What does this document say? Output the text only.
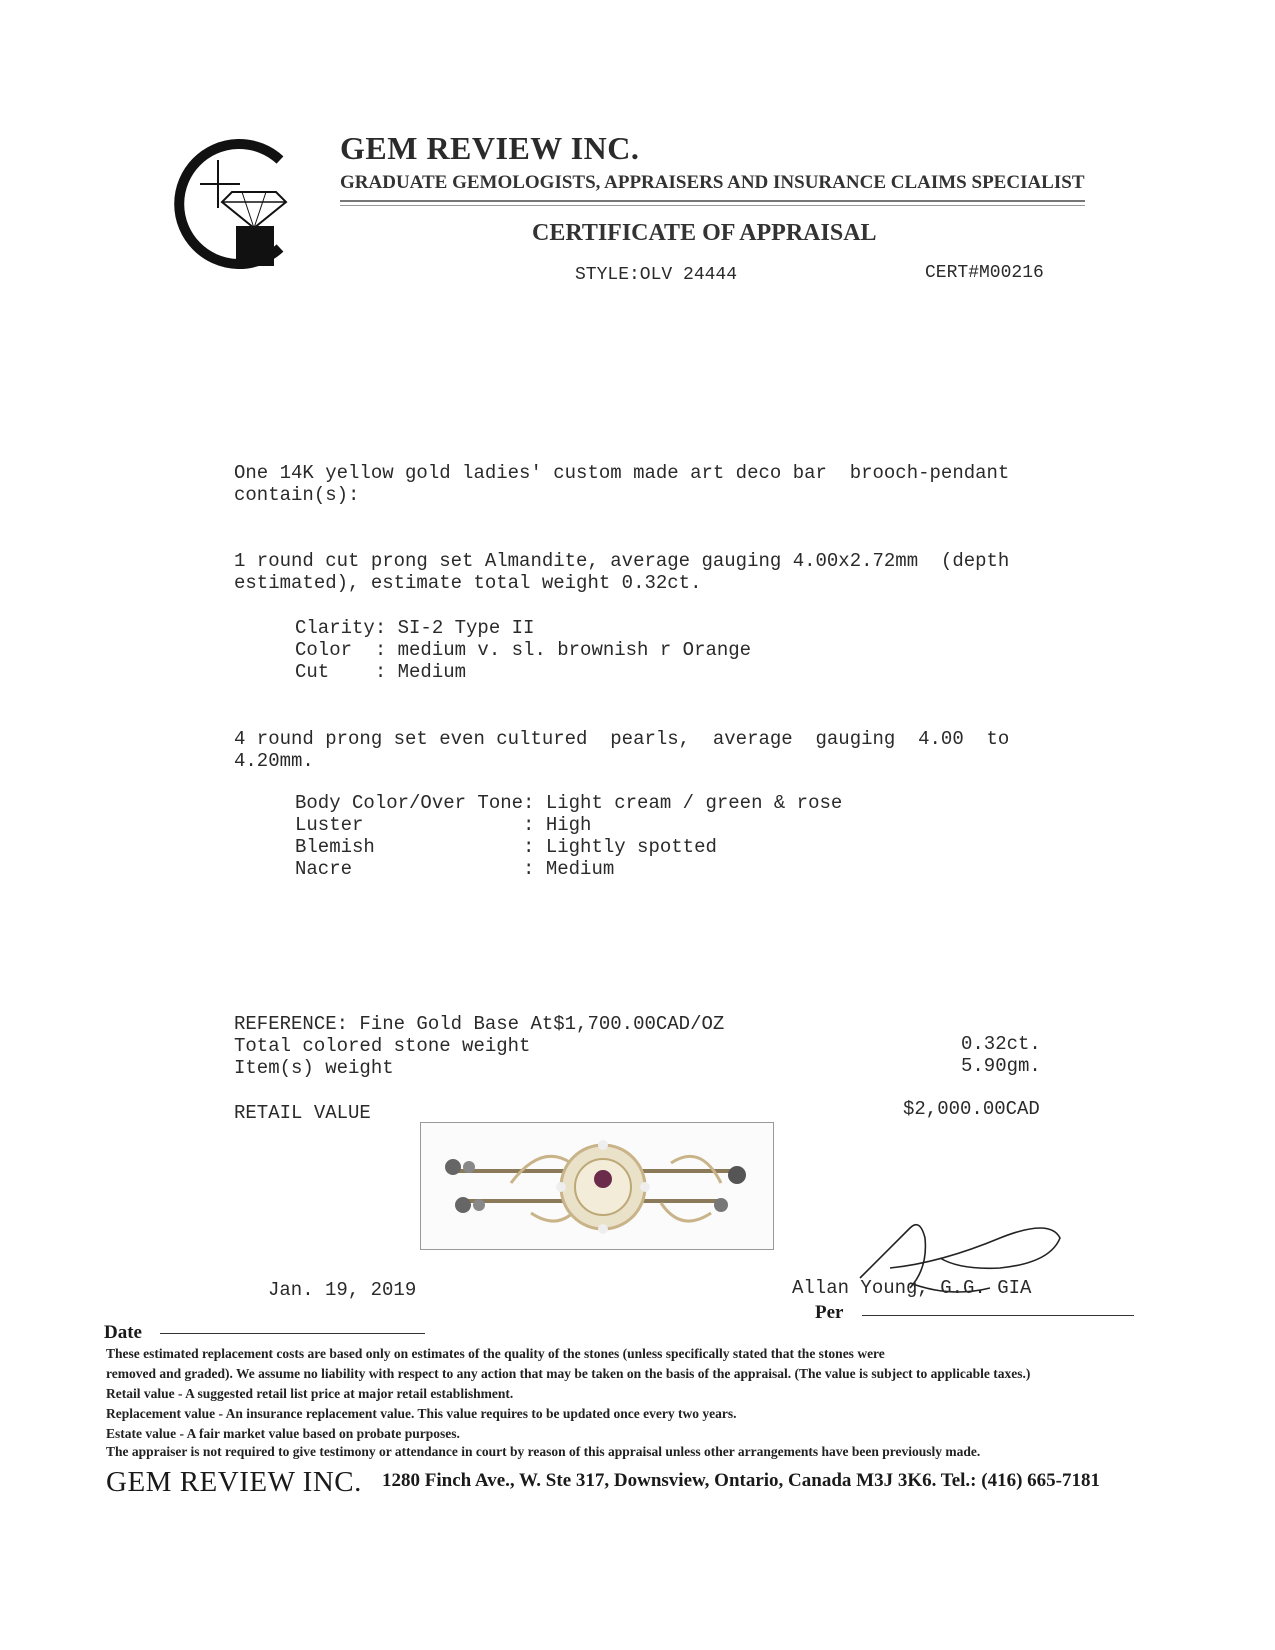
GEM REVIEW INC.
GRADUATE GEMOLOGISTS, APPRAISERS AND INSURANCE CLAIMS SPECIALIST
CERTIFICATE OF APPRAISAL
STYLE:OLV 24444	CERT#M00216
One 14K yellow gold ladies' custom made art deco bar  brooch-pendant
contain(s):
1 round cut prong set Almandite, average gauging 4.00x2.72mm  (depth
estimated), estimate total weight 0.32ct.
Clarity: SI-2 Type II
Color  : medium v. sl. brownish r Orange
Cut    : Medium
4 round prong set even cultured  pearls,  average  gauging  4.00  to
4.20mm.
Body Color/Over Tone: Light cream / green & rose
Luster              : High
Blemish             : Lightly spotted
Nacre               : Medium
REFERENCE: Fine Gold Base At$1,700.00CAD/OZ
Total colored stone weight	0.32ct.
Item(s) weight	5.90gm.
RETAIL VALUE	$2,000.00CAD
Allan Young, G.G. GIA
Per
Jan. 19, 2019
Date
These estimated replacement costs are based only on estimates of the quality of the stones (unless specifically stated that the stones were
removed and graded). We assume no liability with respect to any action that may be taken on the basis of the appraisal. (The value is subject to applicable taxes.)
Retail value - A suggested retail list price at major retail establishment.
Replacement value - An insurance replacement value. This value requires to be updated once every two years.
Estate value - A fair market value based on probate purposes.
The appraiser is not required to give testimony or attendance in court by reason of this appraisal unless other arrangements have been previously made.
GEM REVIEW INC. 1280 Finch Ave., W. Ste 317, Downsview, Ontario, Canada M3J 3K6. Tel.: (416) 665-7181
